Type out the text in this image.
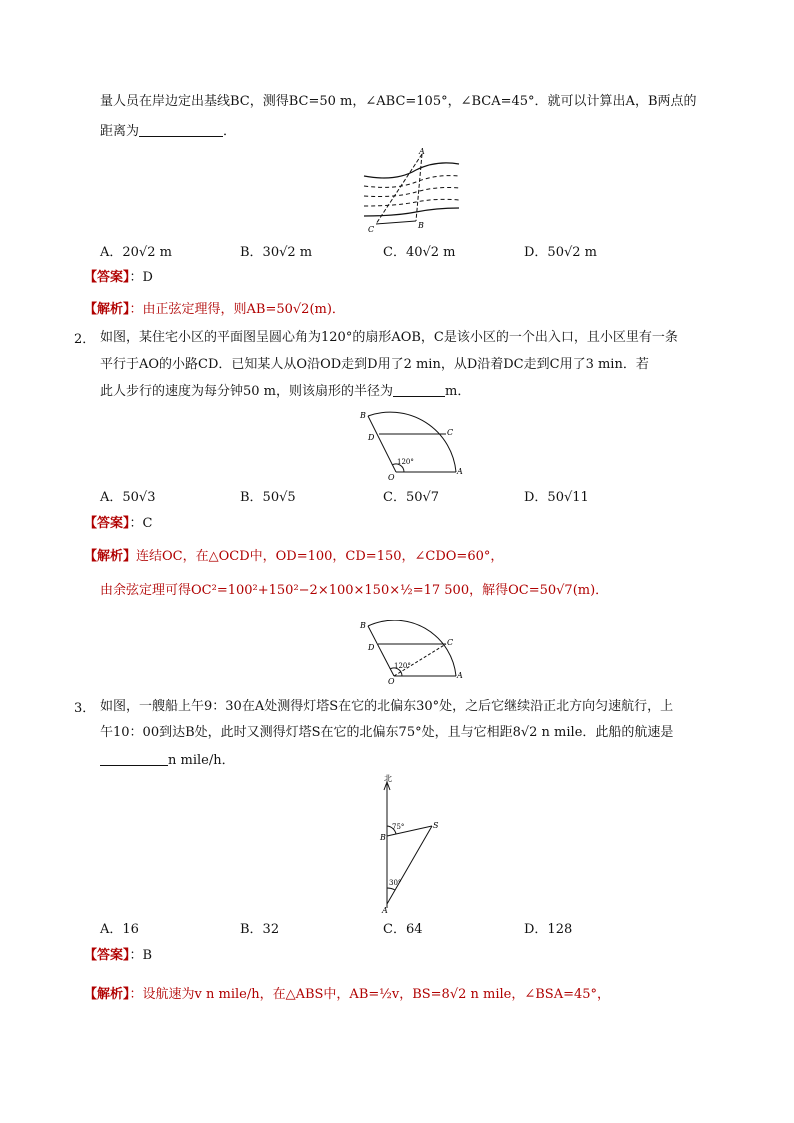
量人员在岸边定出基线BC，测得BC=50 m，∠ABC=105°，∠BCA=45°．就可以计算出A，B两点的
距离为	．
A
C	B
A．20√2 m	B．30√2 m	C．40√2 m	D．50√2 m
【答案】：D
【解析】：由正弦定理得，则AB=50√2(m)．
2． 如图，某住宅小区的平面图呈圆心角为120°的扇形AOB，C是该小区的一个出入口，且小区里有一条
平行于AO的小路CD．已知某人从O沿OD走到D用了2 min，从D沿着DC走到C用了3 min．若
此人步行的速度为每分钟50 m，则该扇形的半径为	m．
B
D
C
120°
O
A
A．50√3	B．50√5	C．50√7	D．50√11
【答案】：C
【解析】连结OC，在△OCD中，OD=100，CD=150，∠CDO=60°，
由余弦定理可得OC²=100²+150²−2×100×150×½=17 500，解得OC=50√7(m)．
B
D
C
120°
O
A
3． 如图，一艘船上午9：30在A处测得灯塔S在它的北偏东30°处，之后它继续沿正北方向匀速航行，上
午10：00到达B处，此时又测得灯塔S在它的北偏东75°处，且与它相距8√2 n mile．此船的航速是
n mile/h．
北
75°	S
B
30°
A
A．16	B．32	C．64	D．128
【答案】：B
【解析】：设航速为v n mile/h，在△ABS中，AB=½v，BS=8√2 n mile，∠BSA=45°，
